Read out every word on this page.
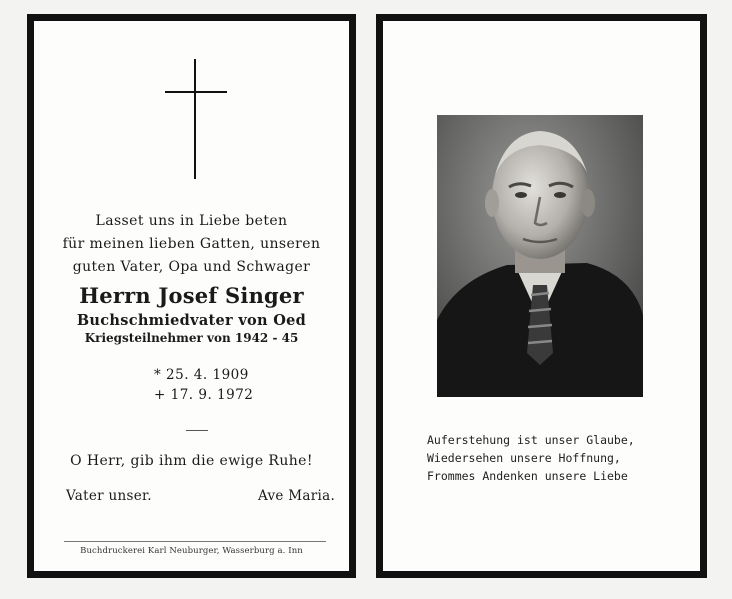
Lasset uns in Liebe beten
für meinen lieben Gatten, unseren
guten Vater, Opa und Schwager
Herrn Josef Singer
Buchschmiedvater von Oed
Kriegsteilnehmer von 1942 - 45
* 25. 4. 1909
+ 17. 9. 1972
O Herr, gib ihm die ewige Ruhe!
Vater unser.	Ave Maria.
Buchdruckerei Karl Neuburger, Wasserburg a. Inn
Auferstehung ist unser Glaube,
Wiedersehen unsere Hoffnung,
Frommes Andenken unsere Liebe
